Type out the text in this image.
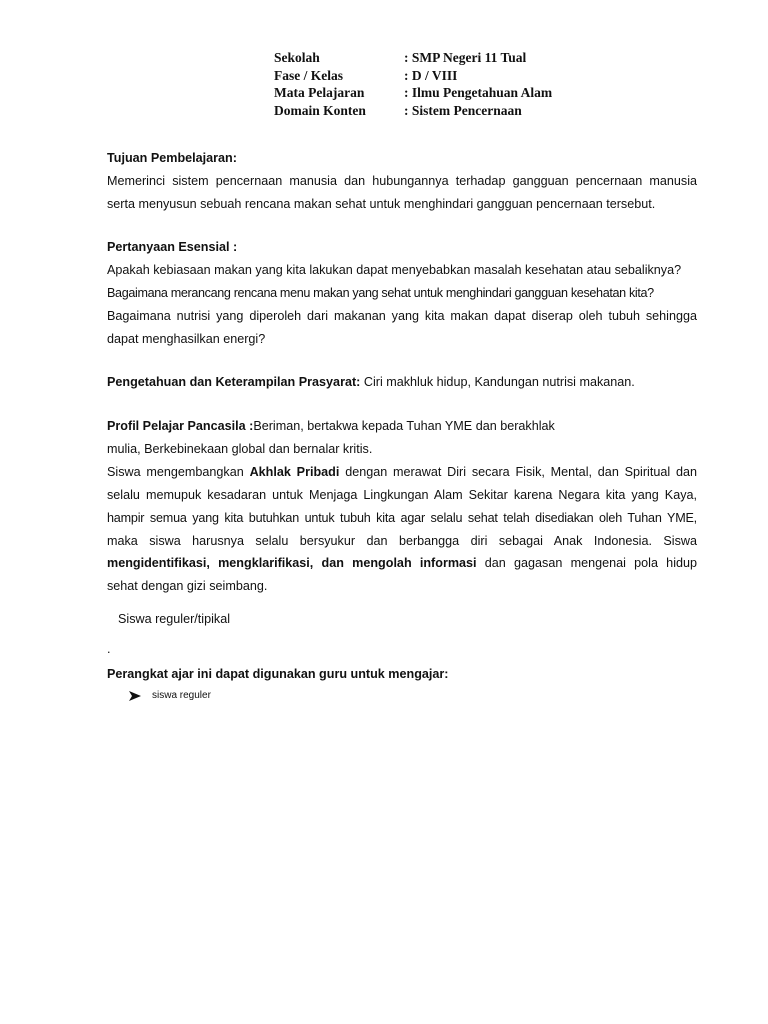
Sekolah	: SMP Negeri 11 Tual
Fase / Kelas	: D / VIII
Mata Pelajaran	: Ilmu Pengetahuan Alam
Domain Konten	: Sistem Pencernaan
Tujuan Pembelajaran:
Memerinci sistem pencernaan manusia dan hubungannya terhadap gangguan pencernaan manusia
serta menyusun sebuah rencana makan sehat untuk menghindari gangguan pencernaan tersebut.
Pertanyaan Esensial :
Apakah kebiasaan makan yang kita lakukan dapat menyebabkan masalah kesehatan atau sebaliknya?
Bagaimana merancang rencana menu makan yang sehat untuk menghindari gangguan kesehatan kita?
Bagaimana nutrisi yang diperoleh dari makanan yang kita makan dapat diserap oleh tubuh sehingga
dapat menghasilkan energi?
Pengetahuan dan Keterampilan Prasyarat: Ciri makhluk hidup, Kandungan nutrisi makanan.
Profil Pelajar Pancasila :Beriman, bertakwa kepada Tuhan YME dan berakhlak
mulia, Berkebinekaan global dan bernalar kritis.
Siswa mengembangkan Akhlak Pribadi dengan merawat Diri secara Fisik, Mental, dan Spiritual dan
selalu memupuk kesadaran untuk Menjaga Lingkungan Alam Sekitar karena Negara kita yang Kaya,
hampir semua yang kita butuhkan untuk tubuh kita agar selalu sehat telah disediakan oleh Tuhan YME,
maka siswa harusnya selalu bersyukur dan berbangga diri sebagai Anak Indonesia. Siswa
mengidentifikasi, mengklarifikasi, dan mengolah informasi dan gagasan mengenai pola hidup
sehat dengan gizi seimbang.
Siswa reguler/tipikal
.
Perangkat ajar ini dapat digunakan guru untuk mengajar:
siswa reguler
